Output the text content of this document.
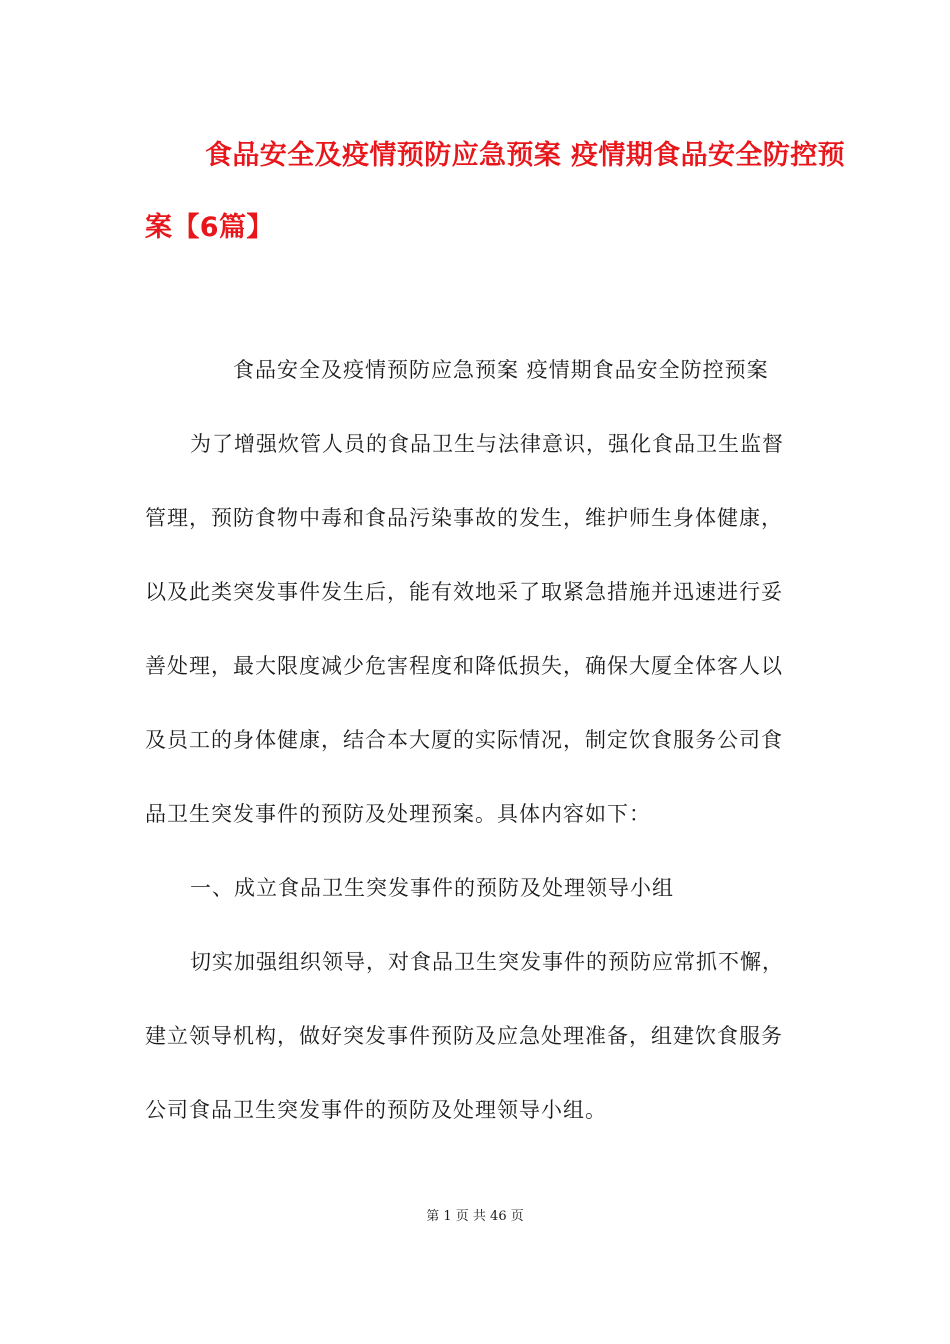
食品安全及疫情预防应急预案 疫情期食品安全防控预
案【6篇】

食品安全及疫情预防应急预案 疫情期食品安全防控预案

为了增强炊管人员的食品卫生与法律意识，强化食品卫生监督

管理，预防食物中毒和食品污染事故的发生，维护师生身体健康，

以及此类突发事件发生后，能有效地采了取紧急措施并迅速进行妥

善处理，最大限度减少危害程度和降低损失，确保大厦全体客人以

及员工的身体健康，结合本大厦的实际情况，制定饮食服务公司食

品卫生突发事件的预防及处理预案。具体内容如下：

一、成立食品卫生突发事件的预防及处理领导小组

切实加强组织领导，对食品卫生突发事件的预防应常抓不懈，

建立领导机构，做好突发事件预防及应急处理准备，组建饮食服务

公司食品卫生突发事件的预防及处理领导小组。

第 1 页 共 46 页
